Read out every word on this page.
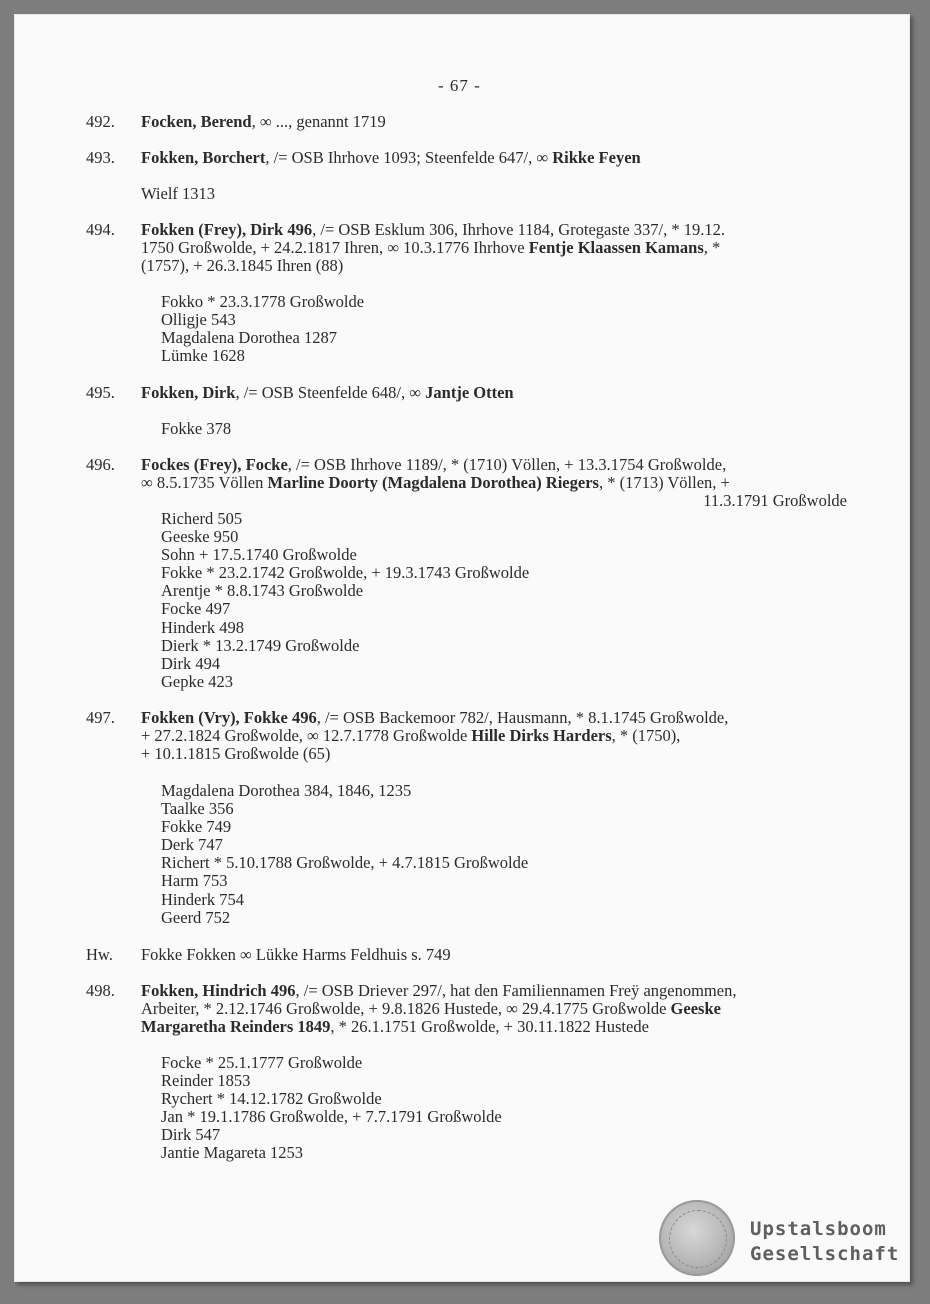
- 67 -
492. Focken, Berend, ∞ ..., genannt 1719
493. Fokken, Borchert, /= OSB Ihrhove 1093; Steenfelde 647/, ∞ Rikke Feyen
Wielf 1313
494. Fokken (Frey), Dirk 496, /= OSB Esklum 306, Ihrhove 1184, Grotegaste 337/, * 19.12.
1750 Großwolde, + 24.2.1817 Ihren, ∞ 10.3.1776 Ihrhove Fentje Klaassen Kamans, *
(1757), + 26.3.1845 Ihren (88)
Fokko * 23.3.1778 Großwolde
Olligje 543
Magdalena Dorothea 1287
Lümke 1628
495. Fokken, Dirk, /= OSB Steenfelde 648/, ∞ Jantje Otten
Fokke 378
496. Fockes (Frey), Focke, /= OSB Ihrhove 1189/, * (1710) Völlen, + 13.3.1754 Großwolde,
∞ 8.5.1735 Völlen Marline Doorty (Magdalena Dorothea) Riegers, * (1713) Völlen, +
11.3.1791 Großwolde
Richerd 505
Geeske 950
Sohn + 17.5.1740 Großwolde
Fokke * 23.2.1742 Großwolde, + 19.3.1743 Großwolde
Arentje * 8.8.1743 Großwolde
Focke 497
Hinderk 498
Dierk * 13.2.1749 Großwolde
Dirk 494
Gepke 423
497. Fokken (Vry), Fokke 496, /= OSB Backemoor 782/, Hausmann, * 8.1.1745 Großwolde,
+ 27.2.1824 Großwolde, ∞ 12.7.1778 Großwolde Hille Dirks Harders, * (1750),
+ 10.1.1815 Großwolde (65)
Magdalena Dorothea 384, 1846, 1235
Taalke 356
Fokke 749
Derk 747
Richert * 5.10.1788 Großwolde, + 4.7.1815 Großwolde
Harm 753
Hinderk 754
Geerd 752
Hw. Fokke Fokken ∞ Lükke Harms Feldhuis s. 749
498. Fokken, Hindrich 496, /= OSB Driever 297/, hat den Familiennamen Freÿ angenommen,
Arbeiter, * 2.12.1746 Großwolde, + 9.8.1826 Hustede, ∞ 29.4.1775 Großwolde Geeske
Margaretha Reinders 1849, * 26.1.1751 Großwolde, + 30.11.1822 Hustede
Focke * 25.1.1777 Großwolde
Reinder 1853
Rychert * 14.12.1782 Großwolde
Jan * 19.1.1786 Großwolde, + 7.7.1791 Großwolde
Dirk 547
Jantie Magareta 1253
Upstalsboom
Gesellschaft
